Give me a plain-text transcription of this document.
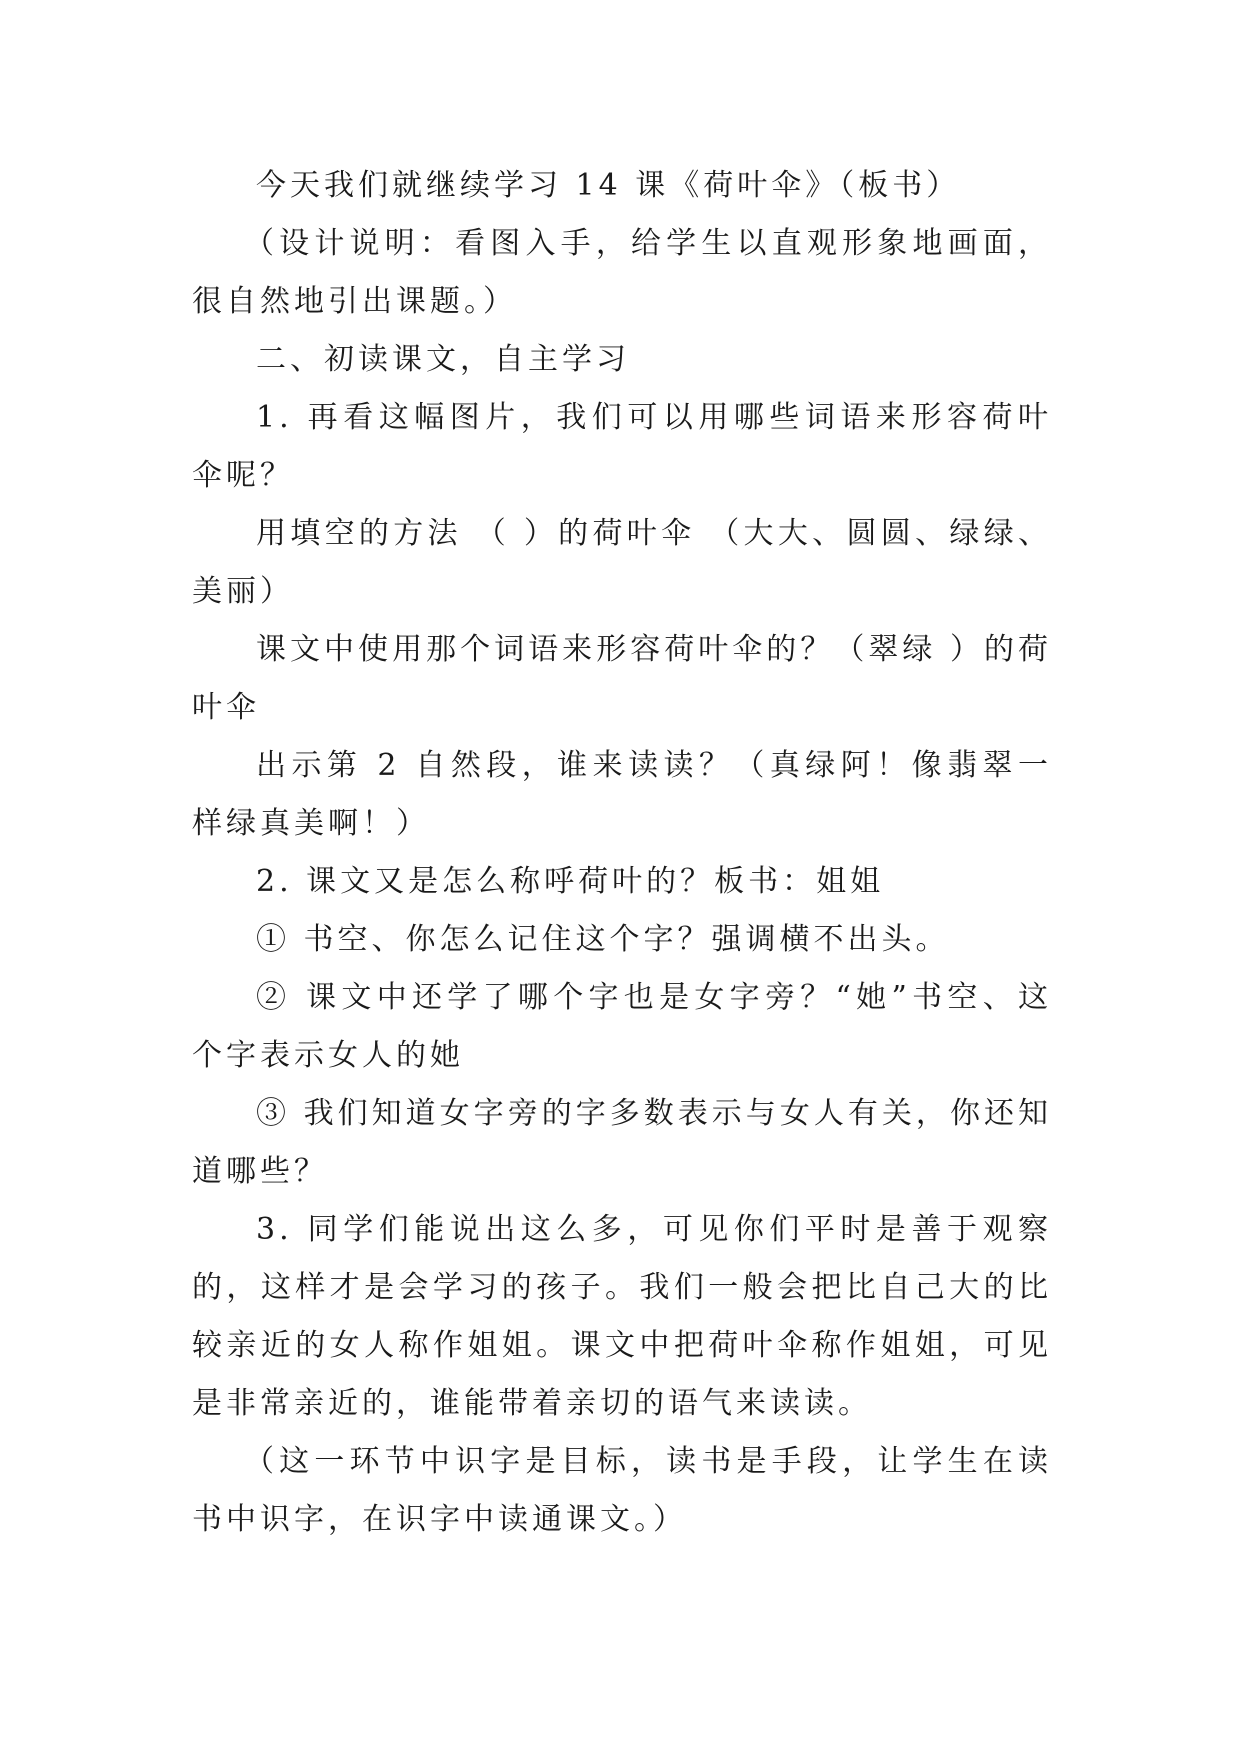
今天我们就继续学习 14 课《荷叶伞》（板书）

（设计说明：看图入手，给学生以直观形象地画面，很自然地引出课题。）

二、初读课文，自主学习

1. 再看这幅图片，我们可以用哪些词语来形容荷叶伞呢？

用填空的方法 （ ）的荷叶伞 （大大、圆圆、绿绿、美丽）

课文中使用那个词语来形容荷叶伞的？（翠绿 ）的荷叶伞

出示第 2 自然段，谁来读读？（真绿阿！像翡翠一样绿真美啊！）

2. 课文又是怎么称呼荷叶的？板书：姐姐

① 书空、你怎么记住这个字？强调横不出头。

② 课文中还学了哪个字也是女字旁？“她”书空、这个字表示女人的她

③ 我们知道女字旁的字多数表示与女人有关，你还知道哪些？

3. 同学们能说出这么多，可见你们平时是善于观察的，这样才是会学习的孩子。我们一般会把比自己大的比较亲近的女人称作姐姐。课文中把荷叶伞称作姐姐，可见是非常亲近的，谁能带着亲切的语气来读读。

（这一环节中识字是目标，读书是手段，让学生在读书中识字，在识字中读通课文。）
